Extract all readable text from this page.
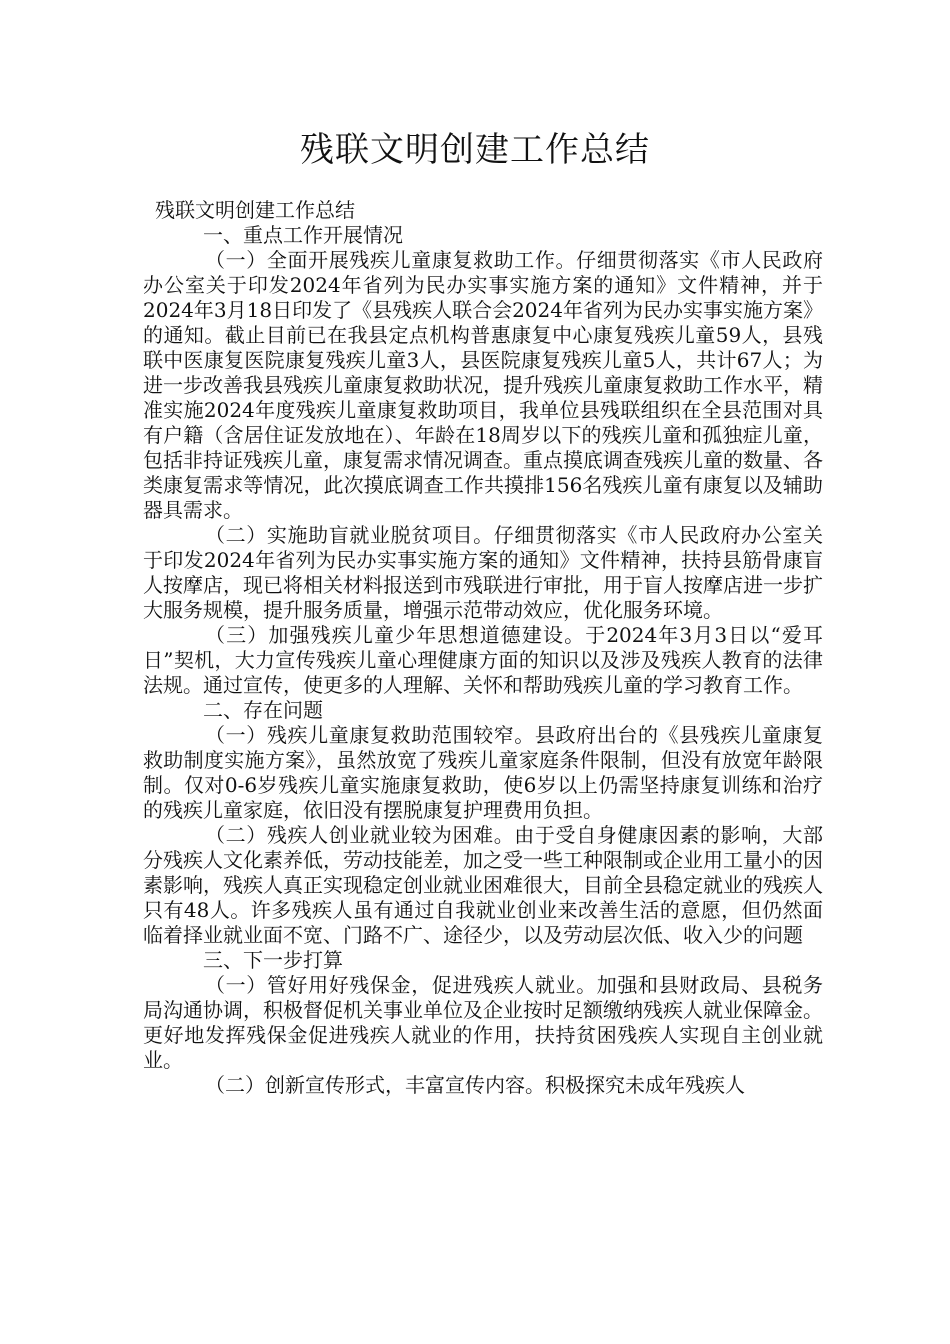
残联文明创建工作总结

残联文明创建工作总结

一、重点工作开展情况

（一）全面开展残疾儿童康复救助工作。仔细贯彻落实《市人民政府办公室关于印发2024年省列为民办实事实施方案的通知》文件精神，并于2024年3月18日印发了《县残疾人联合会2024年省列为民办实事实施方案》的通知。截止目前已在我县定点机构普惠康复中心康复残疾儿童59人，县残联中医康复医院康复残疾儿童3人，县医院康复残疾儿童5人，共计67人；为进一步改善我县残疾儿童康复救助状况，提升残疾儿童康复救助工作水平，精准实施2024年度残疾儿童康复救助项目，我单位县残联组织在全县范围对具有户籍（含居住证发放地在）、年龄在18周岁以下的残疾儿童和孤独症儿童，包括非持证残疾儿童，康复需求情况调查。重点摸底调查残疾儿童的数量、各类康复需求等情况，此次摸底调查工作共摸排156名残疾儿童有康复以及辅助器具需求。

（二）实施助盲就业脱贫项目。仔细贯彻落实《市人民政府办公室关于印发2024年省列为民办实事实施方案的通知》文件精神，扶持县筋骨康盲人按摩店，现已将相关材料报送到市残联进行审批，用于盲人按摩店进一步扩大服务规模，提升服务质量，增强示范带动效应，优化服务环境。

（三）加强残疾儿童少年思想道德建设。于2024年3月3日以“爱耳日”契机，大力宣传残疾儿童心理健康方面的知识以及涉及残疾人教育的法律法规。通过宣传，使更多的人理解、关怀和帮助残疾儿童的学习教育工作。

二、存在问题

（一）残疾儿童康复救助范围较窄。县政府出台的《县残疾儿童康复救助制度实施方案》，虽然放宽了残疾儿童家庭条件限制，但没有放宽年龄限制。仅对0-6岁残疾儿童实施康复救助，使6岁以上仍需坚持康复训练和治疗的残疾儿童家庭，依旧没有摆脱康复护理费用负担。

（二）残疾人创业就业较为困难。由于受自身健康因素的影响，大部分残疾人文化素养低，劳动技能差，加之受一些工种限制或企业用工量小的因素影响，残疾人真正实现稳定创业就业困难很大，目前全县稳定就业的残疾人只有48人。许多残疾人虽有通过自我就业创业来改善生活的意愿，但仍然面临着择业就业面不宽、门路不广、途径少，以及劳动层次低、收入少的问题

三、下一步打算

（一）管好用好残保金，促进残疾人就业。加强和县财政局、县税务局沟通协调，积极督促机关事业单位及企业按时足额缴纳残疾人就业保障金。更好地发挥残保金促进残疾人就业的作用，扶持贫困残疾人实现自主创业就业。

（二）创新宣传形式，丰富宣传内容。积极探究未成年残疾人
